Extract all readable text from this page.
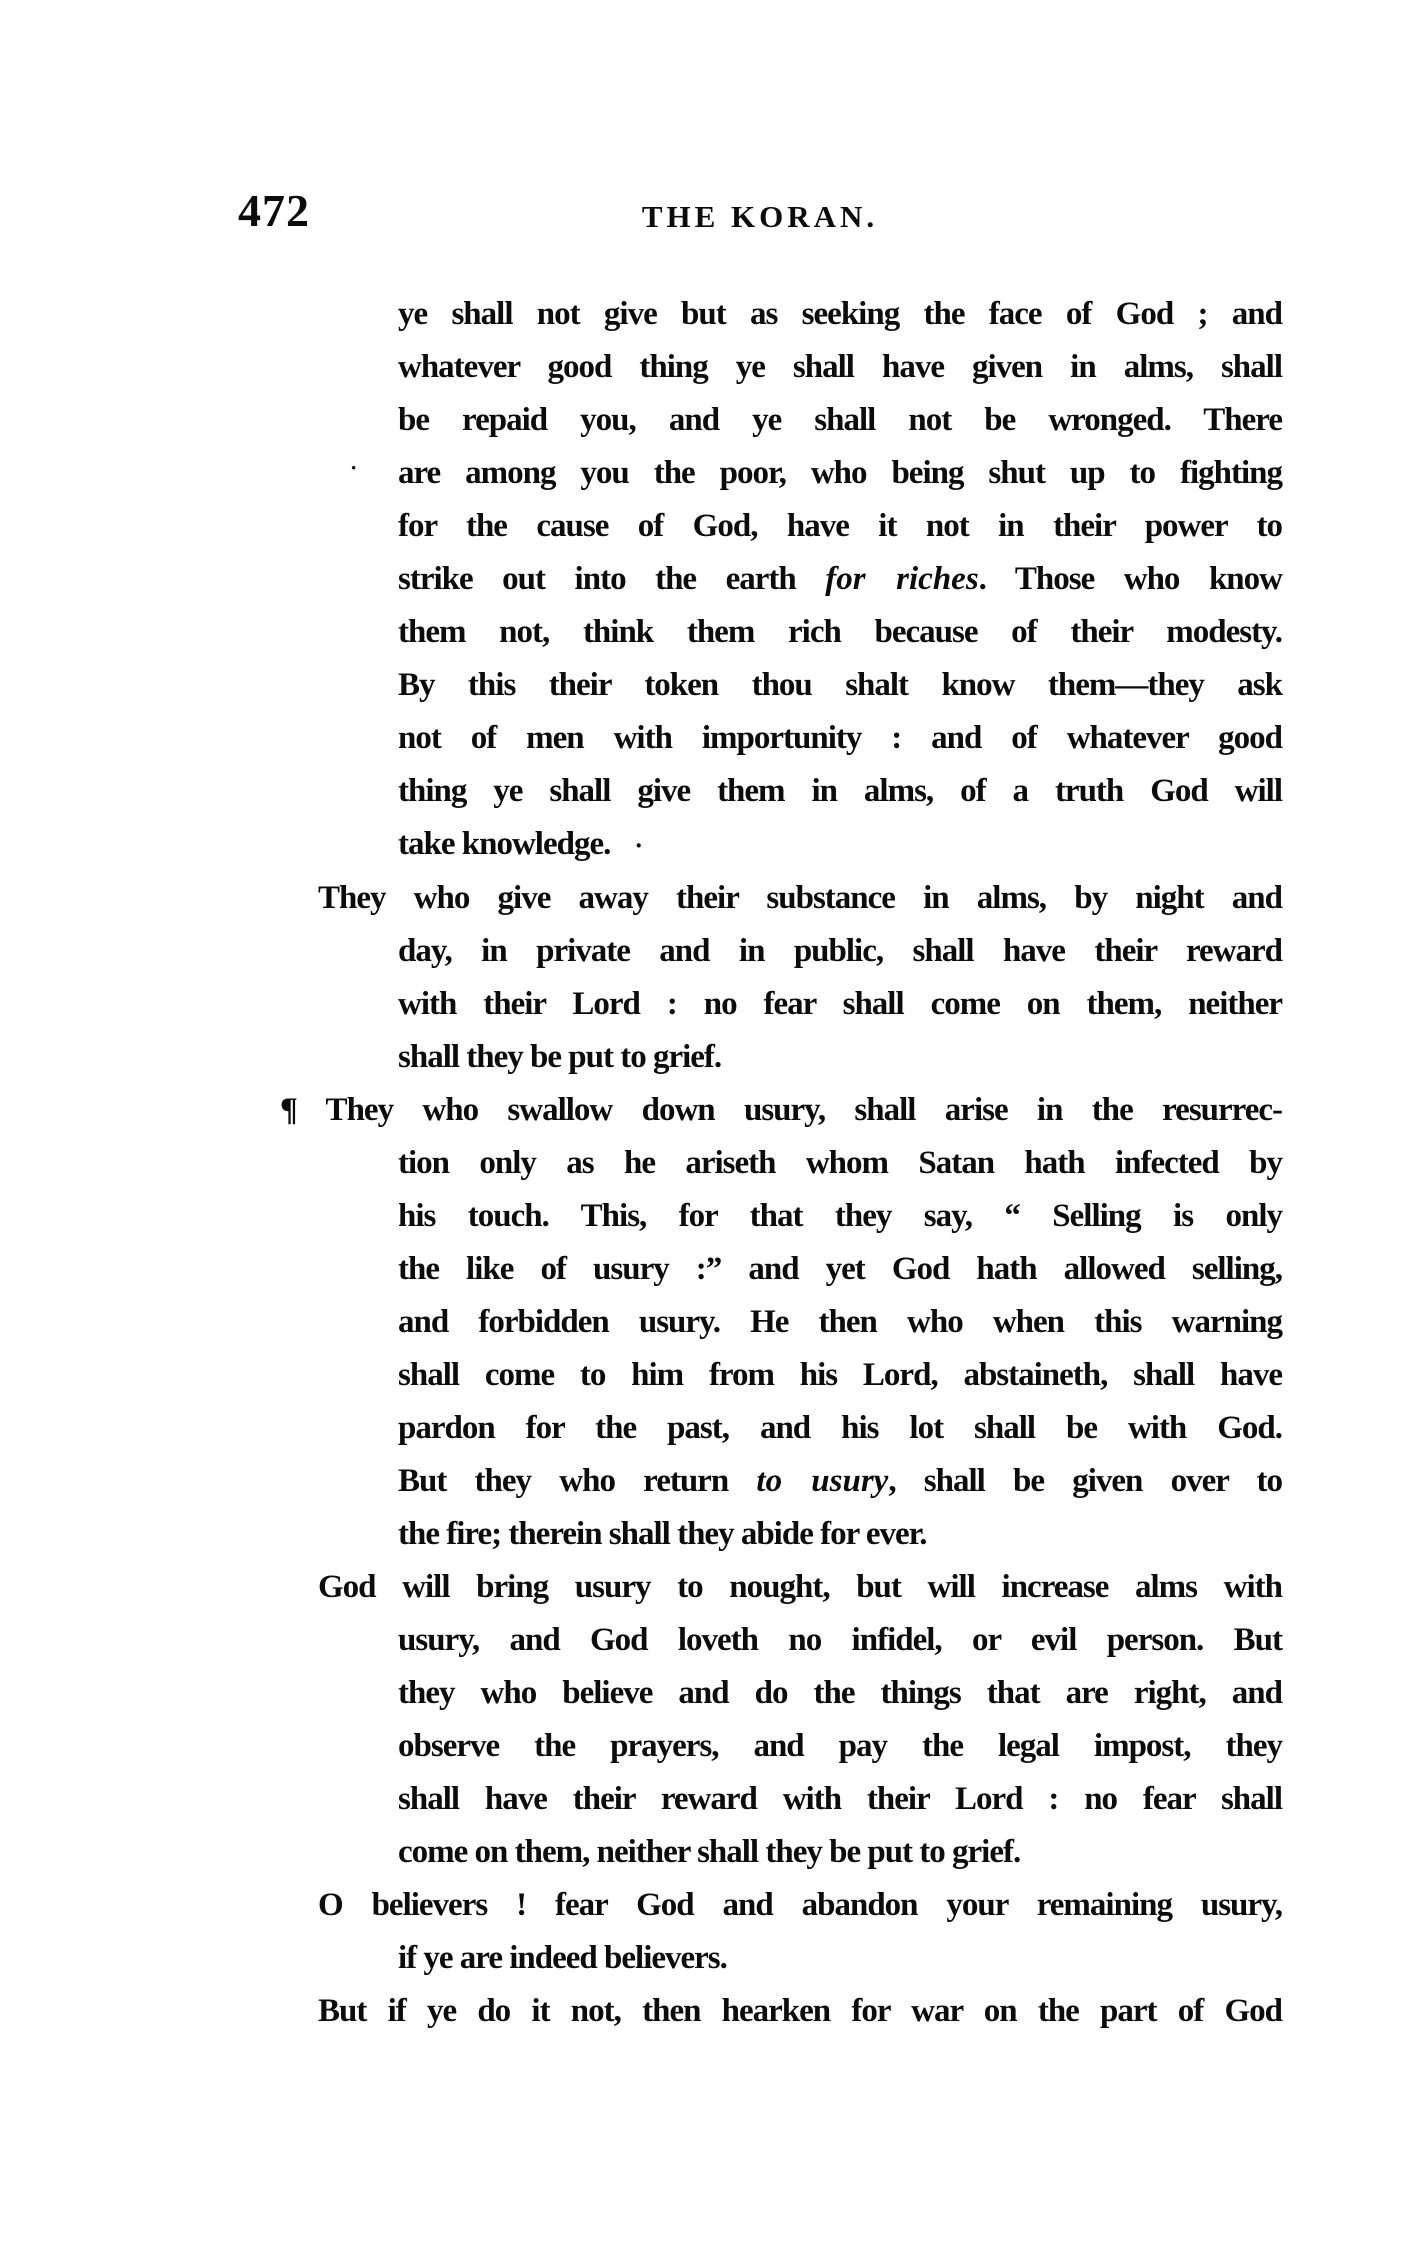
472	THE KORAN.
ye shall not give but as seeking the face of God ; and
whatever good thing ye shall have given in alms, shall
be repaid you, and ye shall not be wronged. There
· are among you the poor, who being shut up to fighting
for the cause of God, have it not in their power to
strike out into the earth for riches. Those who know
them not, think them rich because of their modesty.
By this their token thou shalt know them—they ask
not of men with importunity : and of whatever good
thing ye shall give them in alms, of a truth God will
take knowledge. ·
They who give away their substance in alms, by night and
day, in private and in public, shall have their reward
with their Lord : no fear shall come on them, neither
shall they be put to grief.
¶ They who swallow down usury, shall arise in the resurrec-
tion only as he ariseth whom Satan hath infected by
his touch. This, for that they say, “ Selling is only
the like of usury :” and yet God hath allowed selling,
and forbidden usury. He then who when this warning
shall come to him from his Lord, abstaineth, shall have
pardon for the past, and his lot shall be with God.
But they who return to usury, shall be given over to
the fire; therein shall they abide for ever.
God will bring usury to nought, but will increase alms with
usury, and God loveth no infidel, or evil person. But
they who believe and do the things that are right, and
observe the prayers, and pay the legal impost, they
shall have their reward with their Lord : no fear shall
come on them, neither shall they be put to grief.
O believers ! fear God and abandon your remaining usury,
if ye are indeed believers.
But if ye do it not, then hearken for war on the part of God
